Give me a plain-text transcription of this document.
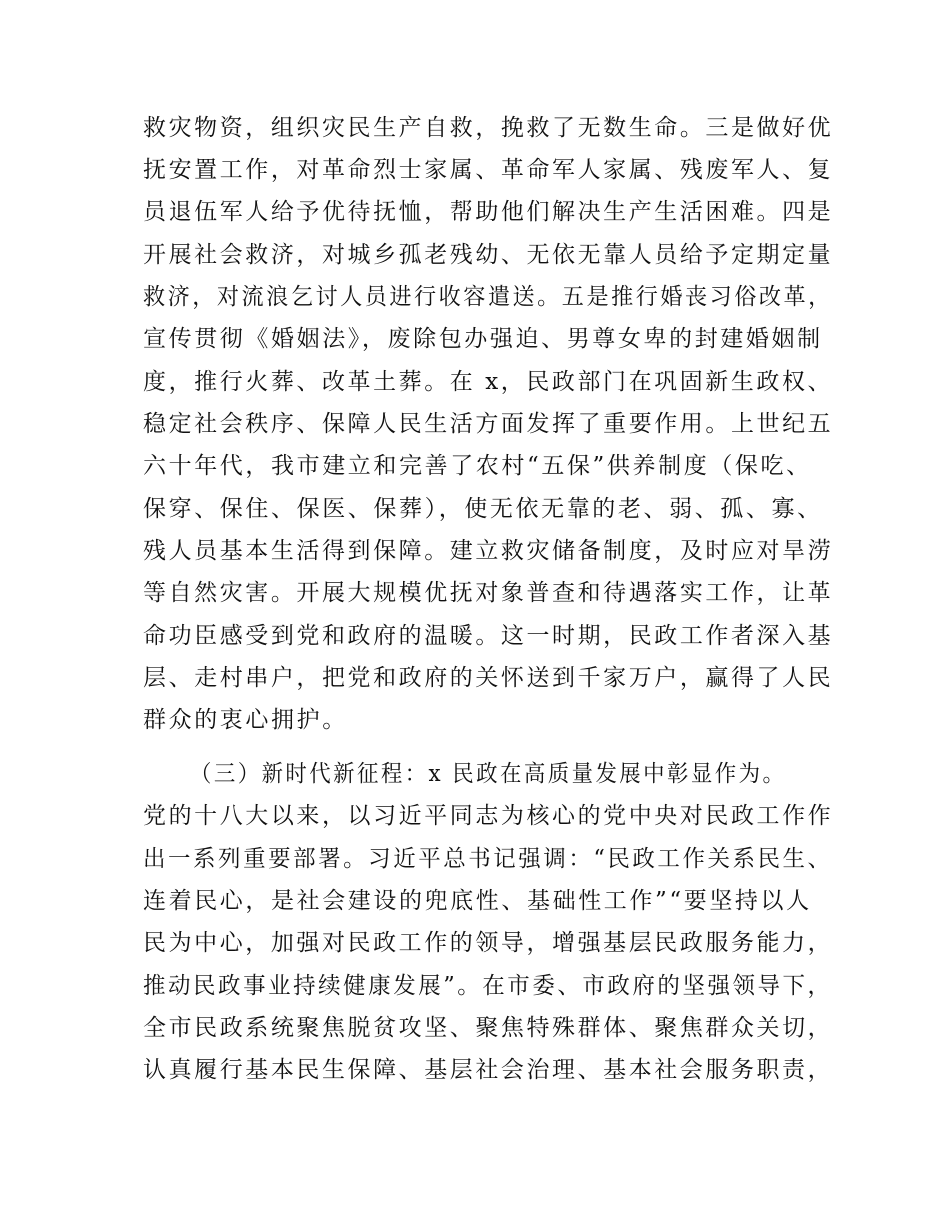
救灾物资，组织灾民生产自救，挽救了无数生命。三是做好优
抚安置工作，对革命烈士家属、革命军人家属、残废军人、复
员退伍军人给予优待抚恤，帮助他们解决生产生活困难。四是
开展社会救济，对城乡孤老残幼、无依无靠人员给予定期定量
救济，对流浪乞讨人员进行收容遣送。五是推行婚丧习俗改革，
宣传贯彻《婚姻法》，废除包办强迫、男尊女卑的封建婚姻制
度，推行火葬、改革土葬。在 x，民政部门在巩固新生政权、
稳定社会秩序、保障人民生活方面发挥了重要作用。上世纪五
六十年代，我市建立和完善了农村“五保”供养制度（保吃、
保穿、保住、保医、保葬），使无依无靠的老、弱、孤、寡、
残人员基本生活得到保障。建立救灾储备制度，及时应对旱涝
等自然灾害。开展大规模优抚对象普查和待遇落实工作，让革
命功臣感受到党和政府的温暖。这一时期，民政工作者深入基
层、走村串户，把党和政府的关怀送到千家万户，赢得了人民
群众的衷心拥护。
（三）新时代新征程：x 民政在高质量发展中彰显作为。
党的十八大以来，以习近平同志为核心的党中央对民政工作作
出一系列重要部署。习近平总书记强调：“民政工作关系民生、
连着民心，是社会建设的兜底性、基础性工作”“要坚持以人
民为中心，加强对民政工作的领导，增强基层民政服务能力，
推动民政事业持续健康发展”。在市委、市政府的坚强领导下，
全市民政系统聚焦脱贫攻坚、聚焦特殊群体、聚焦群众关切，
认真履行基本民生保障、基层社会治理、基本社会服务职责，
